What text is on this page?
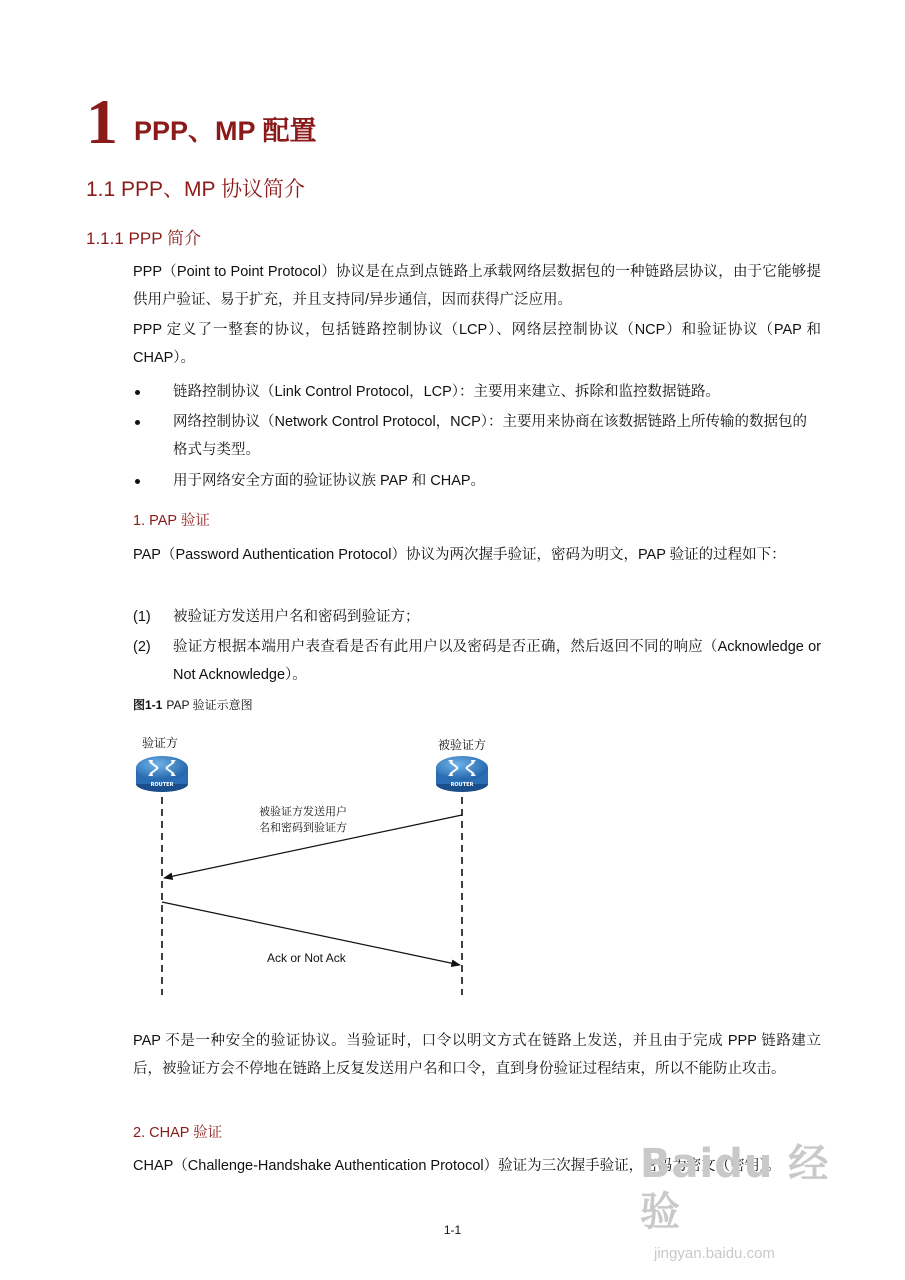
1 PPP、MP 配置
1.1 PPP、MP 协议简介
1.1.1 PPP 简介

PPP（Point to Point Protocol）协议是在点到点链路上承载网络层数据包的一种链路层协议，由于它能够提供用户验证、易于扩充，并且支持同/异步通信，因而获得广泛应用。

PPP 定义了一整套的协议，包括链路控制协议（LCP）、网络层控制协议（NCP）和验证协议（PAP 和 CHAP）。

链路控制协议（Link Control Protocol，LCP）：主要用来建立、拆除和监控数据链路。
网络控制协议（Network Control Protocol，NCP）：主要用来协商在该数据链路上所传输的数据包的格式与类型。
用于网络安全方面的验证协议族 PAP 和 CHAP。
1. PAP 验证

PAP（Password Authentication Protocol）协议为两次握手验证，密码为明文，PAP 验证的过程如下：

(1) 被验证方发送用户名和密码到验证方；
(2) 验证方根据本端用户表查看是否有此用户以及密码是否正确，然后返回不同的响应（Acknowledge or Not Acknowledge）。
图1-1 PAP 验证示意图
验证方	被验证方
ROUTER	ROUTER
被验证方发送用户
名和密码到验证方
Ack or Not Ack

PAP 不是一种安全的验证协议。当验证时，口令以明文方式在链路上发送，并且由于完成 PPP 链路建立后，被验证方会不停地在链路上反复发送用户名和口令，直到身份验证过程结束，所以不能防止攻击。

2. CHAP 验证

CHAP（Challenge-Handshake Authentication Protocol）验证为三次握手验证，密码为密文（密钥）。

Baidu 经验
jingyan.baidu.com
1-1
